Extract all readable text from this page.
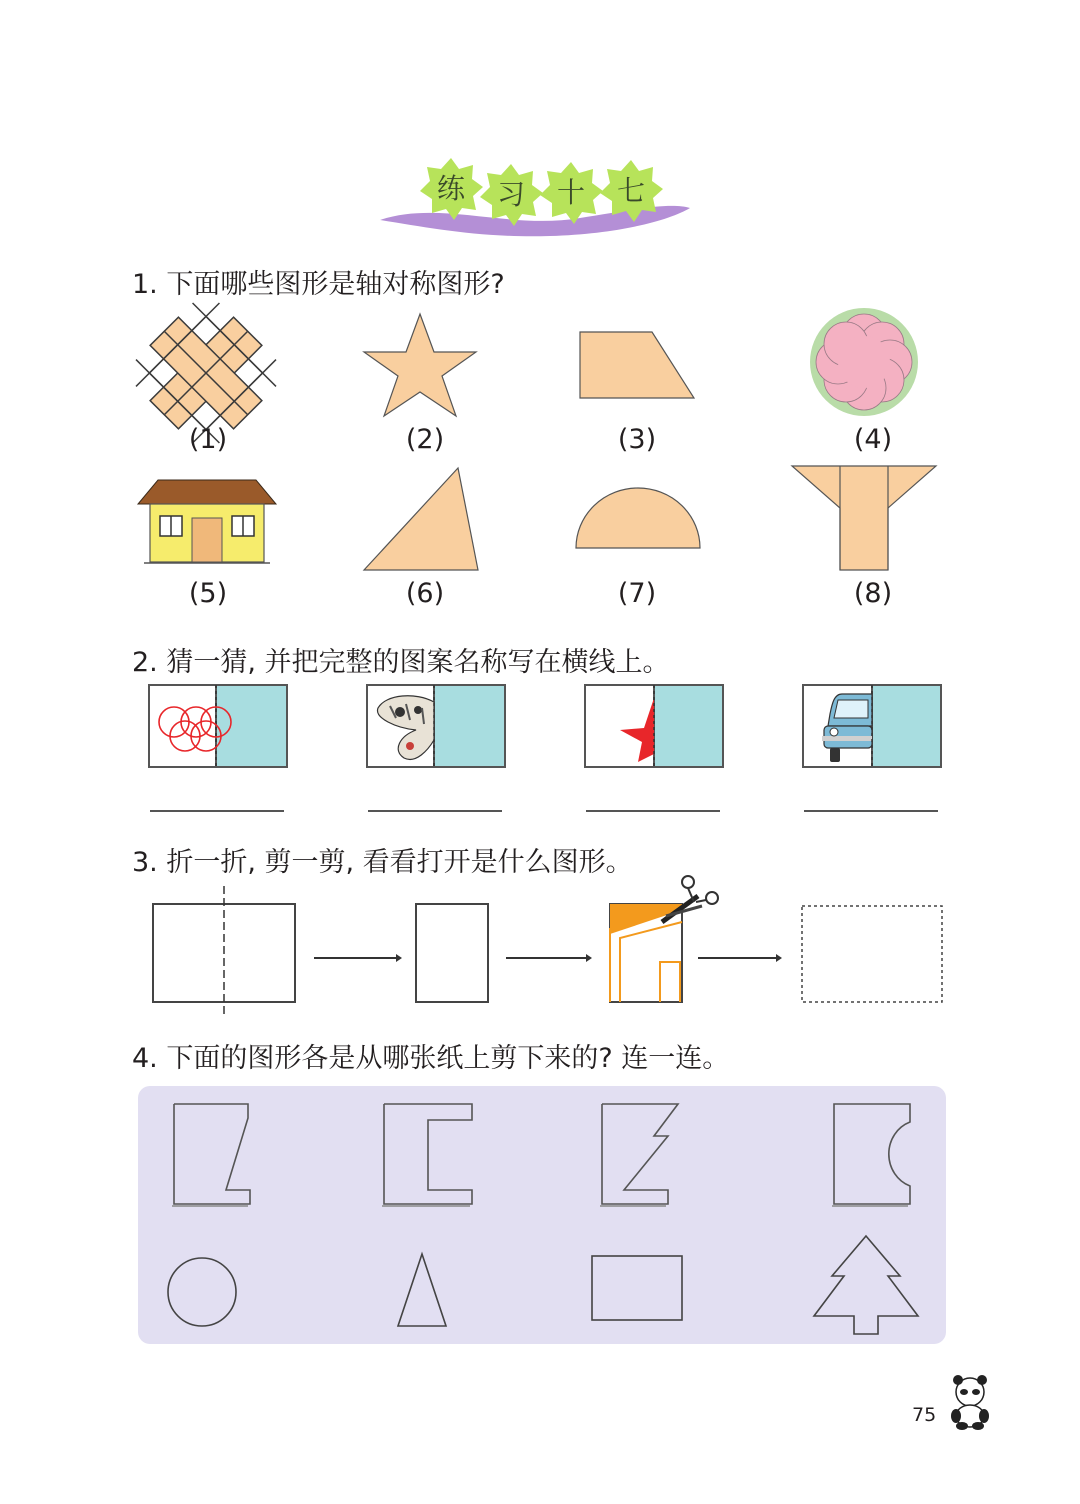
练	习	十	七
1. 下面哪些图形是轴对称图形?
(1)	(2)	(3)	(4)
(5)	(6)	(7)	(8)
2. 猜一猜, 并把完整的图案名称写在横线上。
3. 折一折, 剪一剪, 看看打开是什么图形。
4. 下面的图形各是从哪张纸上剪下来的? 连一连。
75
